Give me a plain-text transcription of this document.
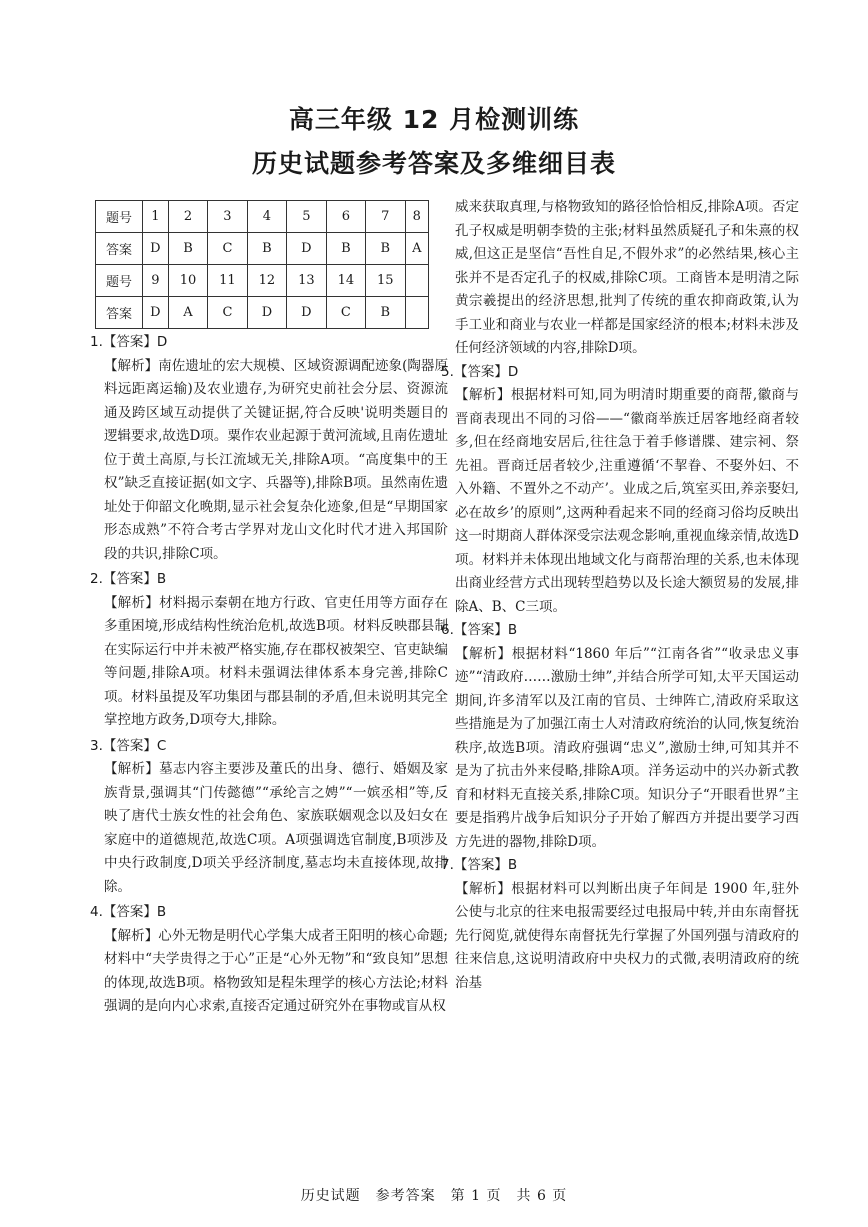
高三年级 12 月检测训练
历史试题参考答案及多维细目表
题号	1	2	3	4	5	6	7	8
答案	D	B	C	B	D	B	B	A
题号	9	10	11	12	13	14	15	
答案	D	A	C	D	D	C	B	

1.【答案】D

【解析】南佐遗址的宏大规模、区域资源调配迹象(陶器原料远距离运输)及农业遗存,为研究史前社会分层、资源流通及跨区域互动提供了关键证据,符合反映'说明类题目的逻辑要求,故选D项。粟作农业起源于黄河流域,且南佐遗址位于黄土高原,与长江流域无关,排除A项。“高度集中的王权”缺乏直接证据(如文字、兵器等),排除B项。虽然南佐遗址处于仰韶文化晚期,显示社会复杂化迹象,但是“早期国家形态成熟”不符合考古学界对龙山文化时代才进入邦国阶段的共识,排除C项。

2.【答案】B

【解析】材料揭示秦朝在地方行政、官吏任用等方面存在多重困境,形成结构性统治危机,故选B项。材料反映郡县制在实际运行中并未被严格实施,存在郡权被架空、官吏缺编等问题,排除A项。材料未强调法律体系本身完善,排除C项。材料虽提及军功集团与郡县制的矛盾,但未说明其完全掌控地方政务,D项夸大,排除。

3.【答案】C

【解析】墓志内容主要涉及董氏的出身、德行、婚姻及家族背景,强调其“门传懿德”“承纶言之娉”“一嫔丞相”等,反映了唐代士族女性的社会角色、家族联姻观念以及妇女在家庭中的道德规范,故选C项。A项强调选官制度,B项涉及中央行政制度,D项关乎经济制度,墓志均未直接体现,故排除。

4.【答案】B

【解析】心外无物是明代心学集大成者王阳明的核心命题;材料中“夫学贵得之于心”正是“心外无物”和“致良知”思想的体现,故选B项。格物致知是程朱理学的核心方法论;材料强调的是向内心求索,直接否定通过研究外在事物或盲从权

威来获取真理,与格物致知的路径恰恰相反,排除A项。否定孔子权威是明朝李贽的主张;材料虽然质疑孔子和朱熹的权威,但这正是坚信“吾性自足,不假外求”的必然结果,核心主张并不是否定孔子的权威,排除C项。工商皆本是明清之际黄宗羲提出的经济思想,批判了传统的重农抑商政策,认为手工业和商业与农业一样都是国家经济的根本;材料未涉及任何经济领域的内容,排除D项。

5.【答案】D

【解析】根据材料可知,同为明清时期重要的商帮,徽商与晋商表现出不同的习俗——“徽商举族迁居客地经商者较多,但在经商地安居后,往往急于着手修谱牒、建宗祠、祭先祖。晋商迁居者较少,注重遵循‘不挈眷、不娶外妇、不入外籍、不置外之不动产’。业成之后,筑室买田,养亲娶妇,必在故乡’的原则”,这两种看起来不同的经商习俗均反映出这一时期商人群体深受宗法观念影响,重视血缘亲情,故选D项。材料并未体现出地域文化与商帮治理的关系,也未体现出商业经营方式出现转型趋势以及长途大额贸易的发展,排除A、B、C三项。

6.【答案】B

【解析】根据材料“1860 年后”“江南各省”“收录忠义事迹”“清政府……激励士绅”,并结合所学可知,太平天国运动期间,许多清军以及江南的官员、士绅阵亡,清政府采取这些措施是为了加强江南士人对清政府统治的认同,恢复统治秩序,故选B项。清政府强调“忠义”,激励士绅,可知其并不是为了抗击外来侵略,排除A项。洋务运动中的兴办新式教育和材料无直接关系,排除C项。知识分子“开眼看世界”主要是指鸦片战争后知识分子开始了解西方并提出要学习西方先进的器物,排除D项。

7.【答案】B

【解析】根据材料可以判断出庚子年间是 1900 年,驻外公使与北京的往来电报需要经过电报局中转,并由东南督抚先行阅览,就使得东南督抚先行掌握了外国列强与清政府的往来信息,这说明清政府中央权力的式微,表明清政府的统治基

历史试题　参考答案　第 1 页　共 6 页
